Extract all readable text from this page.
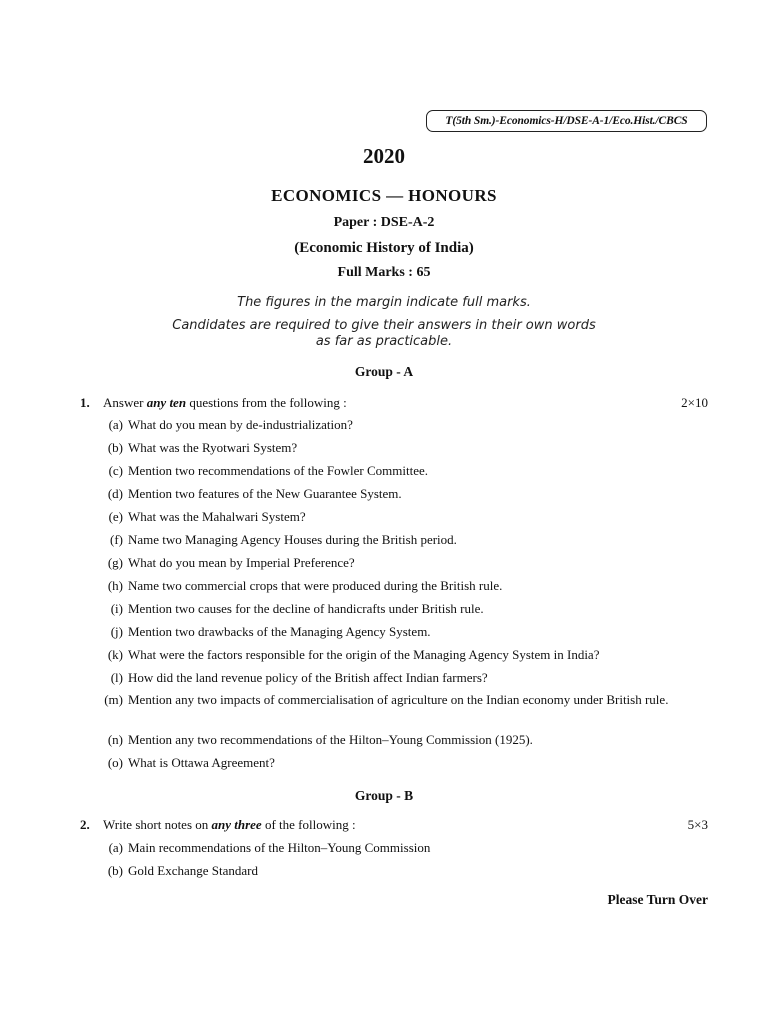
T(5th Sm.)-Economics-H/DSE-A-1/Eco.Hist./CBCS
2020
ECONOMICS — HONOURS
Paper : DSE-A-2
(Economic History of India)
Full Marks : 65
The figures in the margin indicate full marks.
Candidates are required to give their answers in their own words
as far as practicable.
Group - A
1. Answer any ten questions from the following :	2×10
(a) What do you mean by de-industrialization?
(b) What was the Ryotwari System?
(c) Mention two recommendations of the Fowler Committee.
(d) Mention two features of the New Guarantee System.
(e) What was the Mahalwari System?
(f) Name two Managing Agency Houses during the British period.
(g) What do you mean by Imperial Preference?
(h) Name two commercial crops that were produced during the British rule.
(i) Mention two causes for the decline of handicrafts under British rule.
(j) Mention two drawbacks of the Managing Agency System.
(k) What were the factors responsible for the origin of the Managing Agency System in India?
(l) How did the land revenue policy of the British affect Indian farmers?
(m) Mention any two impacts of commercialisation of agriculture on the Indian economy under British rule.
(n) Mention any two recommendations of the Hilton–Young Commission (1925).
(o) What is Ottawa Agreement?
Group - B
2. Write short notes on any three of the following :	5×3
(a) Main recommendations of the Hilton–Young Commission
(b) Gold Exchange Standard
Please Turn Over
